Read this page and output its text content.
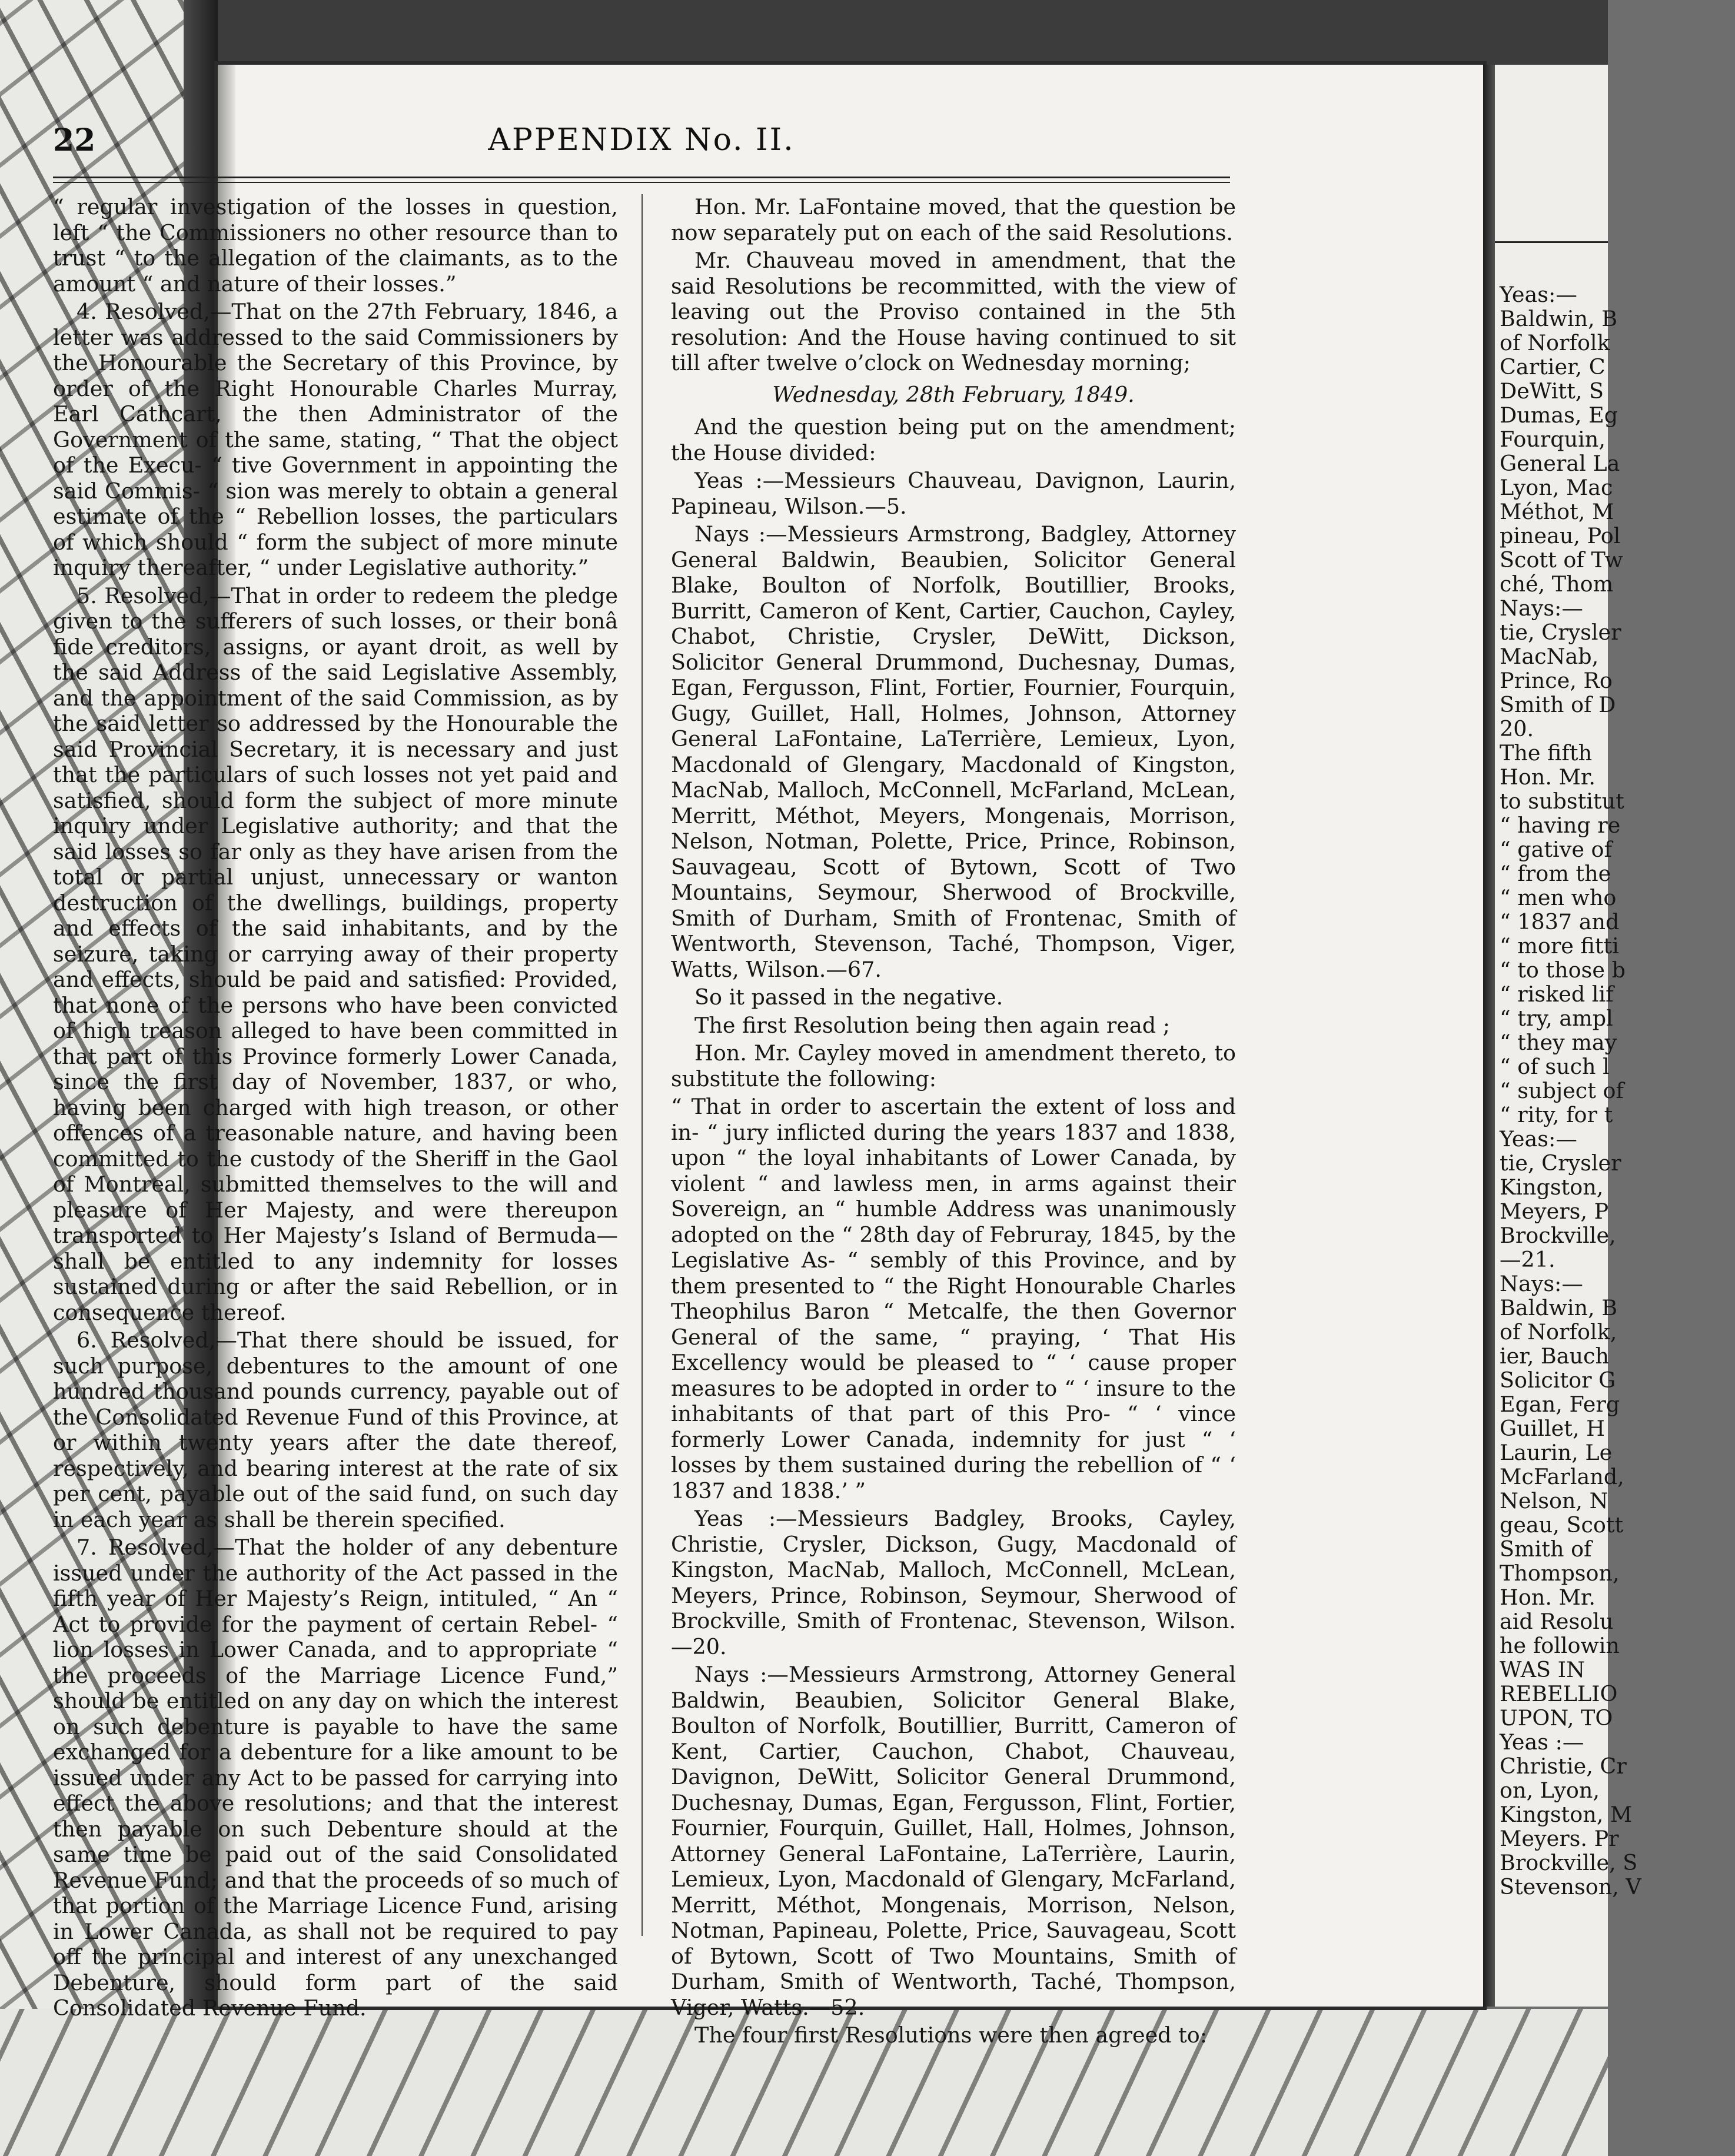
22	APPENDIX No. II.

“ regular investigation of the losses in question, left “ the Commissioners no other resource than to trust “ to the allegation of the claimants, as to the amount “ and nature of their losses.”

4. Resolved,—That on the 27th February, 1846, a letter was addressed to the said Commissioners by the Honourable the Secretary of this Province, by order of the Right Honourable Charles Murray, Earl Cathcart, the then Administrator of the Government of the same, stating, “ That the object of the Execu- “ tive Government in appointing the said Commis- “ sion was merely to obtain a general estimate of the “ Rebellion losses, the particulars of which should “ form the subject of more minute inquiry thereafter, “ under Legislative authority.”

5. Resolved,—That in order to redeem the pledge given to the sufferers of such losses, or their bonâ fide creditors, assigns, or ayant droit, as well by the said Address of the said Legislative Assembly, and the appointment of the said Commission, as by the said letter so addressed by the Honourable the said Provincial Secretary, it is necessary and just that the particulars of such losses not yet paid and satisfied, should form the subject of more minute inquiry under Legislative authority; and that the said losses so far only as they have arisen from the total or partial unjust, unnecessary or wanton destruction of the dwellings, buildings, property and effects of the said inhabitants, and by the seizure, taking or carrying away of their property and effects, should be paid and satisfied: Provided, that none of the persons who have been convicted of high treason alleged to have been committed in that part of this Province formerly Lower Canada, since the first day of November, 1837, or who, having been charged with high treason, or other offences of a treasonable nature, and having been committed to the custody of the Sheriff in the Gaol of Montreal, submitted themselves to the will and pleasure of Her Majesty, and were thereupon transported to Her Majesty’s Island of Bermuda— shall be entitled to any indemnity for losses sustained during or after the said Rebellion, or in consequence thereof.

6. Resolved,—That there should be issued, for such purpose, debentures to the amount of one hundred thousand pounds currency, payable out of the Consolidated Revenue Fund of this Province, at or within twenty years after the date thereof, respectively, and bearing interest at the rate of six per cent, payable out of the said fund, on such day in each year as shall be therein specified.

7. Resolved,—That the holder of any debenture issued under the authority of the Act passed in the fifth year of Her Majesty’s Reign, intituled, “ An “ Act to provide for the payment of certain Rebel- “ lion losses in Lower Canada, and to appropriate “ the proceeds of the Marriage Licence Fund,” should be entitled on any day on which the interest on such debenture is payable to have the same exchanged for a debenture for a like amount to be issued under any Act to be passed for carrying into effect the above resolutions; and that the interest then payable on such Debenture should at the same time be paid out of the said Consolidated Revenue Fund; and that the proceeds of so much of that portion of the Marriage Licence Fund, arising in Lower Canada, as shall not be required to pay off the principal and interest of any unexchanged Debenture, should form part of the said Consolidated Revenue Fund.

Hon. Mr. LaFontaine moved, that the question be now separately put on each of the said Resolutions.

Mr. Chauveau moved in amendment, that the said Resolutions be recommitted, with the view of leaving out the Proviso contained in the 5th resolution: And the House having continued to sit till after twelve o’clock on Wednesday morning;

Wednesday, 28th February, 1849.

And the question being put on the amendment; the House divided:

Yeas :—Messieurs Chauveau, Davignon, Laurin, Papineau, Wilson.—5.

Nays :—Messieurs Armstrong, Badgley, Attorney General Baldwin, Beaubien, Solicitor General Blake, Boulton of Norfolk, Boutillier, Brooks, Burritt, Cameron of Kent, Cartier, Cauchon, Cayley, Chabot, Christie, Crysler, DeWitt, Dickson, Solicitor General Drummond, Duchesnay, Dumas, Egan, Fergusson, Flint, Fortier, Fournier, Fourquin, Gugy, Guillet, Hall, Holmes, Johnson, Attorney General LaFontaine, LaTerrière, Lemieux, Lyon, Macdonald of Glengary, Macdonald of Kingston, MacNab, Malloch, McConnell, McFarland, McLean, Merritt, Méthot, Meyers, Mongenais, Morrison, Nelson, Notman, Polette, Price, Prince, Robinson, Sauvageau, Scott of Bytown, Scott of Two Mountains, Seymour, Sherwood of Brockville, Smith of Durham, Smith of Frontenac, Smith of Wentworth, Stevenson, Taché, Thompson, Viger, Watts, Wilson.—67.

So it passed in the negative.

The first Resolution being then again read ;

Hon. Mr. Cayley moved in amendment thereto, to substitute the following:

“ That in order to ascertain the extent of loss and in- “ jury inflicted during the years 1837 and 1838, upon “ the loyal inhabitants of Lower Canada, by violent “ and lawless men, in arms against their Sovereign, an “ humble Address was unanimously adopted on the “ 28th day of Februray, 1845, by the Legislative As- “ sembly of this Province, and by them presented to “ the Right Honourable Charles Theophilus Baron “ Metcalfe, the then Governor General of the same, “ praying, ‘ That His Excellency would be pleased to “ ‘ cause proper measures to be adopted in order to “ ‘ insure to the inhabitants of that part of this Pro- “ ‘ vince formerly Lower Canada, indemnity for just “ ‘ losses by them sustained during the rebellion of “ ‘ 1837 and 1838.’ ”

Yeas :—Messieurs Badgley, Brooks, Cayley, Christie, Crysler, Dickson, Gugy, Macdonald of Kingston, MacNab, Malloch, McConnell, McLean, Meyers, Prince, Robinson, Seymour, Sherwood of Brockville, Smith of Frontenac, Stevenson, Wilson.—20.

Nays :—Messieurs Armstrong, Attorney General Baldwin, Beaubien, Solicitor General Blake, Boulton of Norfolk, Boutillier, Burritt, Cameron of Kent, Cartier, Cauchon, Chabot, Chauveau, Davignon, DeWitt, Solicitor General Drummond, Duchesnay, Dumas, Egan, Fergusson, Flint, Fortier, Fournier, Fourquin, Guillet, Hall, Holmes, Johnson, Attorney General LaFontaine, LaTerrière, Laurin, Lemieux, Lyon, Macdonald of Glengary, McFarland, Merritt, Méthot, Mongenais, Morrison, Nelson, Notman, Papineau, Polette, Price, Sauvageau, Scott of Bytown, Scott of Two Mountains, Smith of Durham, Smith of Wentworth, Taché, Thompson, Viger, Watts.—52.

The four first Resolutions were then agreed to:

Yeas:—
Baldwin, B
of Norfolk
Cartier, C
DeWitt, S
Dumas, Eg
Fourquin,
General La
Lyon, Mac
Méthot, M
pineau, Pol
Scott of Tw
ché, Thom
Nays:—
tie, Crysler
MacNab,
Prince, Ro
Smith of D
20.
The fifth
Hon. Mr.
to substitut
“ having re
“ gative of
“ from the
“ men who
“ 1837 and
“ more fitti
“ to those b
“ risked lif
“ try, ampl
“ they may
“ of such l
“ subject of
“ rity, for t
Yeas:—
tie, Crysler
Kingston,
Meyers, P
Brockville,
—21.
Nays:—
Baldwin, B
of Norfolk,
ier, Bauch
Solicitor G
Egan, Ferg
Guillet, H
Laurin, Le
McFarland,
Nelson, N
geau, Scott
Smith of
Thompson,
Hon. Mr.
aid Resolu
he followin
WAS IN
REBELLIO
UPON, TO
Yeas :—
Christie, Cr
on, Lyon,
Kingston, M
Meyers. Pr
Brockville, S
Stevenson, V
